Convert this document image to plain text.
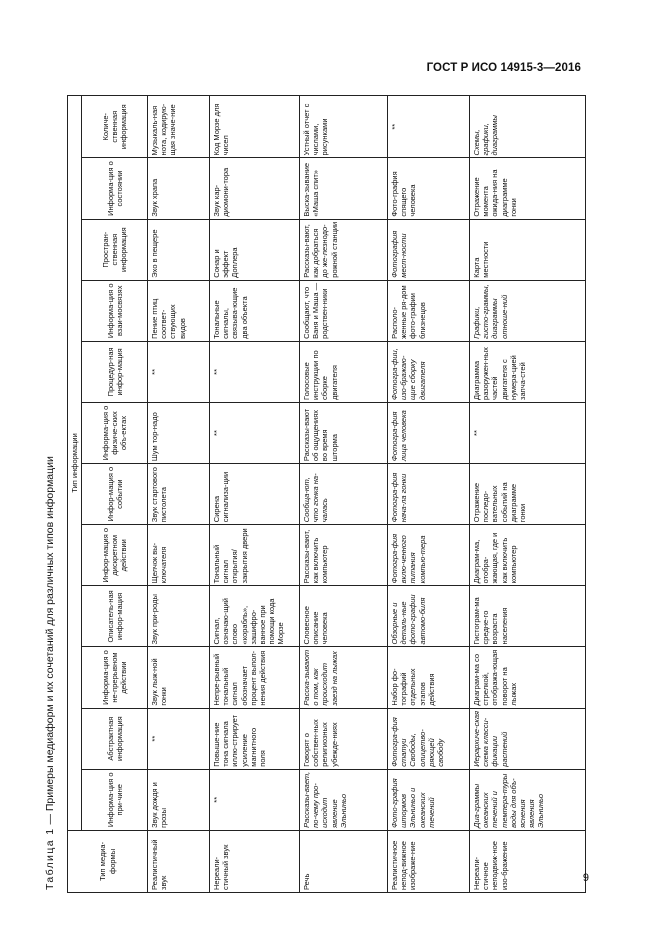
ГОСТ Р ИСО 14915-3—2016
Таблица 1 — Примеры медиаформ и их сочетаний для различных типов информации
Тип медиа-формы	Тип информации											
	Информа-ция о при-чине	Абстрактная информация	Информа-ция о не-прерывном действии	Описатель-ная инфор-мация	Инфор-мация о дискретном действии	Инфор-мация о событии	Информа-ция о физиче-ских объ-ектах	Процедур-ная инфор-мация	Информа-ция о взаи-мосвязях	Простран-ственная информация	Информа-ция о состоянии	Количе-ственная информация
Реалистичный звук	Звук дождя и грозы	**	Звук лыж-ной гонки	Звук при-роды	Щелчок вы-ключателя	Звук стартового пистолета	Шум тор-надо	**	Пение птиц соответ-ствующих видов	Эхо в пещере	Звук храпа	Музыкаль-ная нота, кодирую-щая значе-ние
Нереали-стичный звук	**	Повыше-ние тона сигнала иллю-стрирует усиление магнитного поля	Непре-рывный тональный сигнал обозначает процент выпол-нения действия	Сигнал, означаю-щий слово «корабль», зашифро-ванное при помощи кода Морзе	Тональный сигнал открытия/закрытия двери	Сирена сигнализа-ции	**	**	Тональные сигналы, связыва-ющие два объекта	Сонар и эффект Доплера	Звук кар-диомони-тора	Код Морзе для чисел
Речь	Рассказы-вает, по-чему про-исходит явление Эльниньо	Говорят о собствен-ных религиозных убежде-ниях	Расска-зывают о том, как происходит заезд на лыжах	Словесное описание человека	Рассказы-вают, как включить компьютер	Сообща-ют, что гонка на-чалась	Рассказы-вают об ощущениях во время шторма	Голосовые инструкции по сборке двигателя	Сообщают, что Ваня и Маша — родствен-ники	Рассказы-вают, как добраться до же-лезнодо-рожной станции	Выска-зывание «Маша спит»	Устный отчет с числами, рисунками
Реалистичное непод-вижное изображе-ние	Фото-графия штормов Эльниньо и океанских течений	Фотогра-фия статуи Свободы, олицетво-ряющей свободу	Набор фо-тографий отдельных этапов действия	Обзорные и деталь-ные фото-графии автомо-биля	Фотогра-фия вклю-ченного питания компью-тера	Фотогра-фия нача-ла гонки	Фотогра-фия лица человека	Фотогра-фии, изо-бражаю-щие сборку двигателя	Располо-женные ря-дом фото-графии близнецов	Фотография мест-ности	Фото-графия спящего человека	**
Нереали-стичное неподвиж-ное изо-бражение	Диа-граммы океанских течений и темпера-туры воды для объ-яснения явления Эльниньо	Иерархиче-ская схема класси-фикации растений	Диаграм-ма со стрелкой, отобража-ющая поворот на лыжах	Гистограм-ма средне-го возраста населения	Диаграм-ма, отобра-жающая, где и как включить компьютер	Отражение последо-вательных событий на диаграмме гонки	**	Диаграмма разоружен-ных частей двигателя с нумера-цией запча-стей	Графики, гисто-граммы, диаграммы отноше-ний	Карта местности	Отражение момента ожида-ния на диаграмме гонки	Схемы, графики, диаграммы
9
